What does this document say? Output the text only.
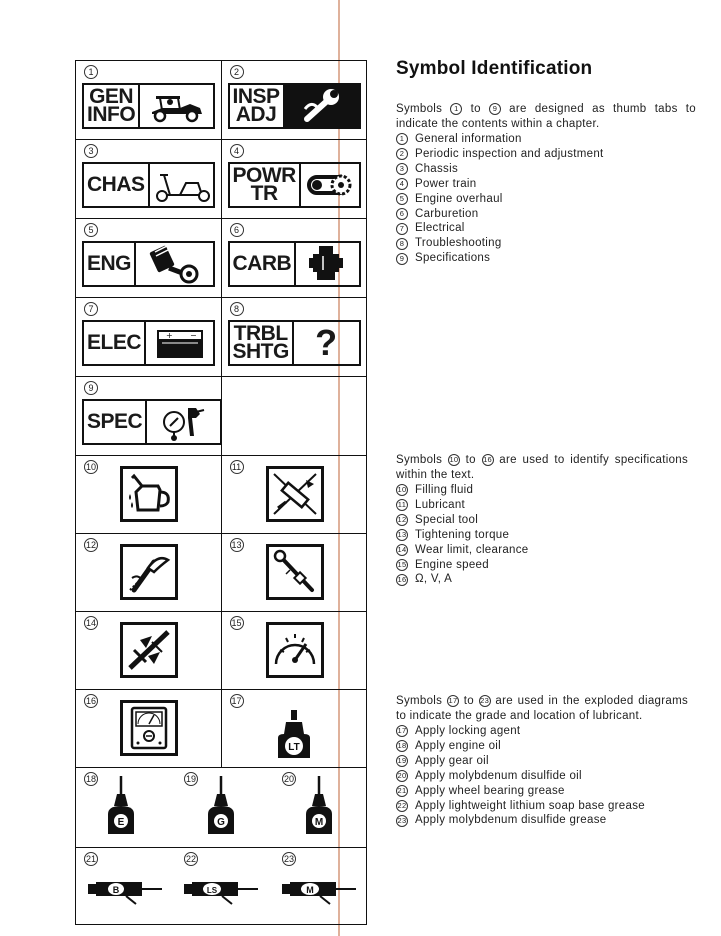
1
GEN
INFO
2
INSP
ADJ
3
CHAS
4
POWR
TR
5
ENG
6
CARB
7
ELEC	+ −
8
TRBL
SHTG ?
9
SPEC
10	11
12	13
14	15
16	17
LT
18	19	20
E	G	M
21	22	23
B	LS	M
Symbol Identification

Symbols 1 to 9 are designed as thumb tabs to indicate the contents within a chapter.

1 General information
2 Periodic inspection and adjustment
3 Chassis
4 Power train
5 Engine overhaul
6 Carburetion
7 Electrical
8 Troubleshooting
9 Specifications

Symbols 10 to 16 are used to identify specifications within the text.

10 Filling fluid
11 Lubricant
12 Special tool
13 Tightening torque
14 Wear limit, clearance
15 Engine speed
16 Ω, V, A

Symbols 17 to 23 are used in the exploded diagrams to indicate the grade and location of lubricant.

17 Apply locking agent
18 Apply engine oil
19 Apply gear oil
20 Apply molybdenum disulfide oil
21 Apply wheel bearing grease
22 Apply lightweight lithium soap base grease
23 Apply molybdenum disulfide grease
